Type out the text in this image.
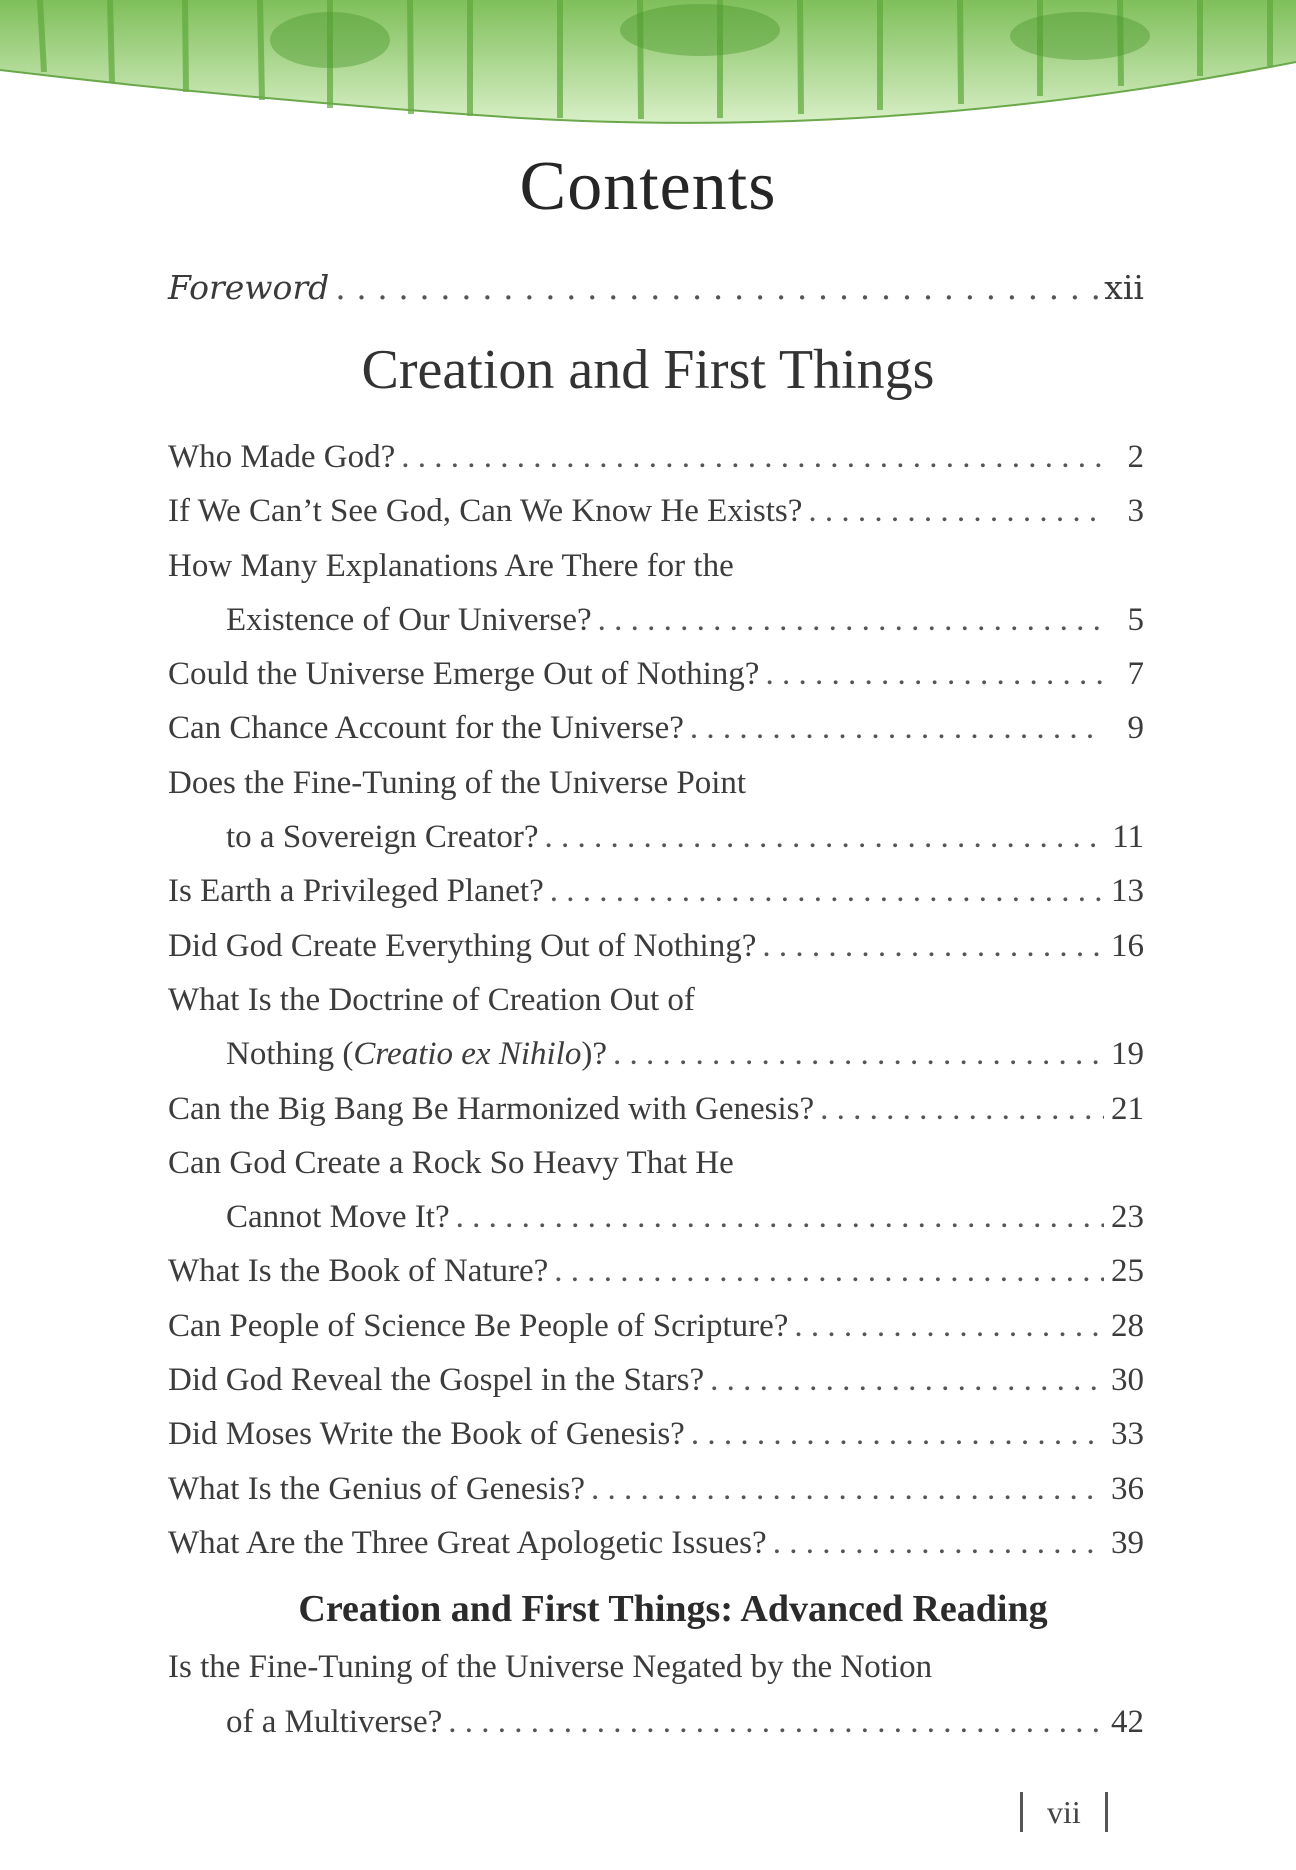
Contents
Foreword . . .	xii
Creation and First Things
Who Made God? . . .	2
If We Can’t See God, Can We Know He Exists? . . .	3
How Many Explanations Are There for the
Existence of Our Universe? . . .	5
Could the Universe Emerge Out of Nothing? . . .	7
Can Chance Account for the Universe? . . .	9
Does the Fine-Tuning of the Universe Point
to a Sovereign Creator? . . .	11
Is Earth a Privileged Planet? . . .	13
Did God Create Everything Out of Nothing? . . .	16
What Is the Doctrine of Creation Out of
Nothing (Creatio ex Nihilo)? . . .	19
Can the Big Bang Be Harmonized with Genesis? . . .	21
Can God Create a Rock So Heavy That He
Cannot Move It? . . .	23
What Is the Book of Nature? . . .	25
Can People of Science Be People of Scripture? . . .	28
Did God Reveal the Gospel in the Stars? . . .	30
Did Moses Write the Book of Genesis? . . .	33
What Is the Genius of Genesis? . . .	36
What Are the Three Great Apologetic Issues? . . .	39
Creation and First Things: Advanced Reading
Is the Fine-Tuning of the Universe Negated by the Notion
of a Multiverse? . . .	42
vii
